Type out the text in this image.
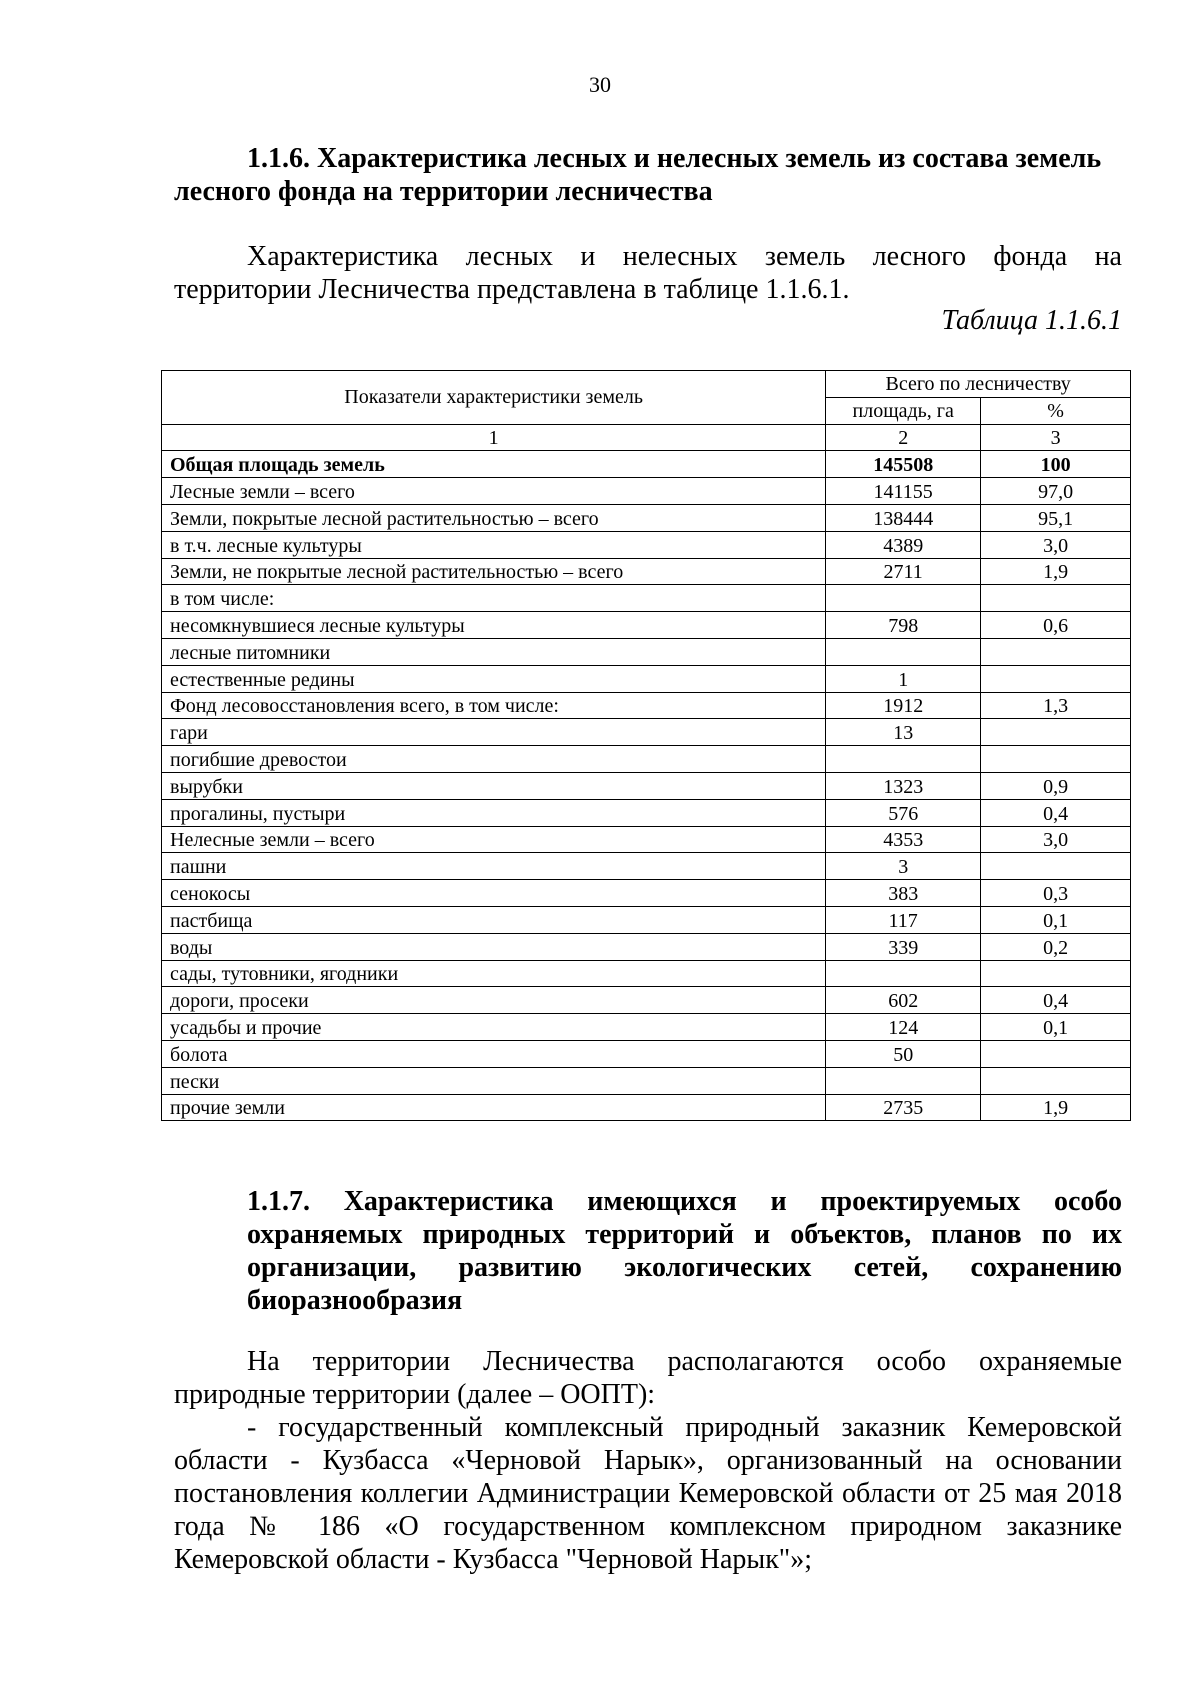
30
1.1.6. Характеристика лесных и нелесных земель из состава земель
лесного фонда на территории лесничества
Характеристика лесных и нелесных земель лесного фонда на территории Лесничества представлена в таблице 1.1.6.1.
Таблица 1.1.6.1
Показатели характеристики земель	Всего по лесничеству	
	площадь, га	%
1	2	3
Общая площадь земель	145508	100
Лесные земли – всего	141155	97,0
Земли, покрытые лесной растительностью – всего	138444	95,1
в т.ч. лесные культуры	4389	3,0
Земли, не покрытые лесной растительностью – всего	2711	1,9
в том числе:		
несомкнувшиеся лесные культуры	798	0,6
лесные питомники		
естественные редины	1	
Фонд лесовосстановления всего, в том числе:	1912	1,3
гари	13	
погибшие древостои		
вырубки	1323	0,9
прогалины, пустыри	576	0,4
Нелесные земли – всего	4353	3,0
пашни	3	
сенокосы	383	0,3
пастбища	117	0,1
воды	339	0,2
сады, тутовники, ягодники		
дороги, просеки	602	0,4
усадьбы и прочие	124	0,1
болота	50	
пески		
прочие земли	2735	1,9
1.1.7. Характеристика имеющихся и проектируемых особо охраняемых природных территорий и объектов, планов по их организации, развитию экологических сетей, сохранению биоразнообразия
На территории Лесничества располагаются особо охраняемые природные территории (далее – ООПТ):
- государственный комплексный природный заказник Кемеровской области - Кузбасса «Черновой Нарык», организованный на основании постановления коллегии Администрации Кемеровской области от 25 мая 2018 года № 186 «О государственном комплексном природном заказнике Кемеровской области - Кузбасса "Черновой Нарык"»;
